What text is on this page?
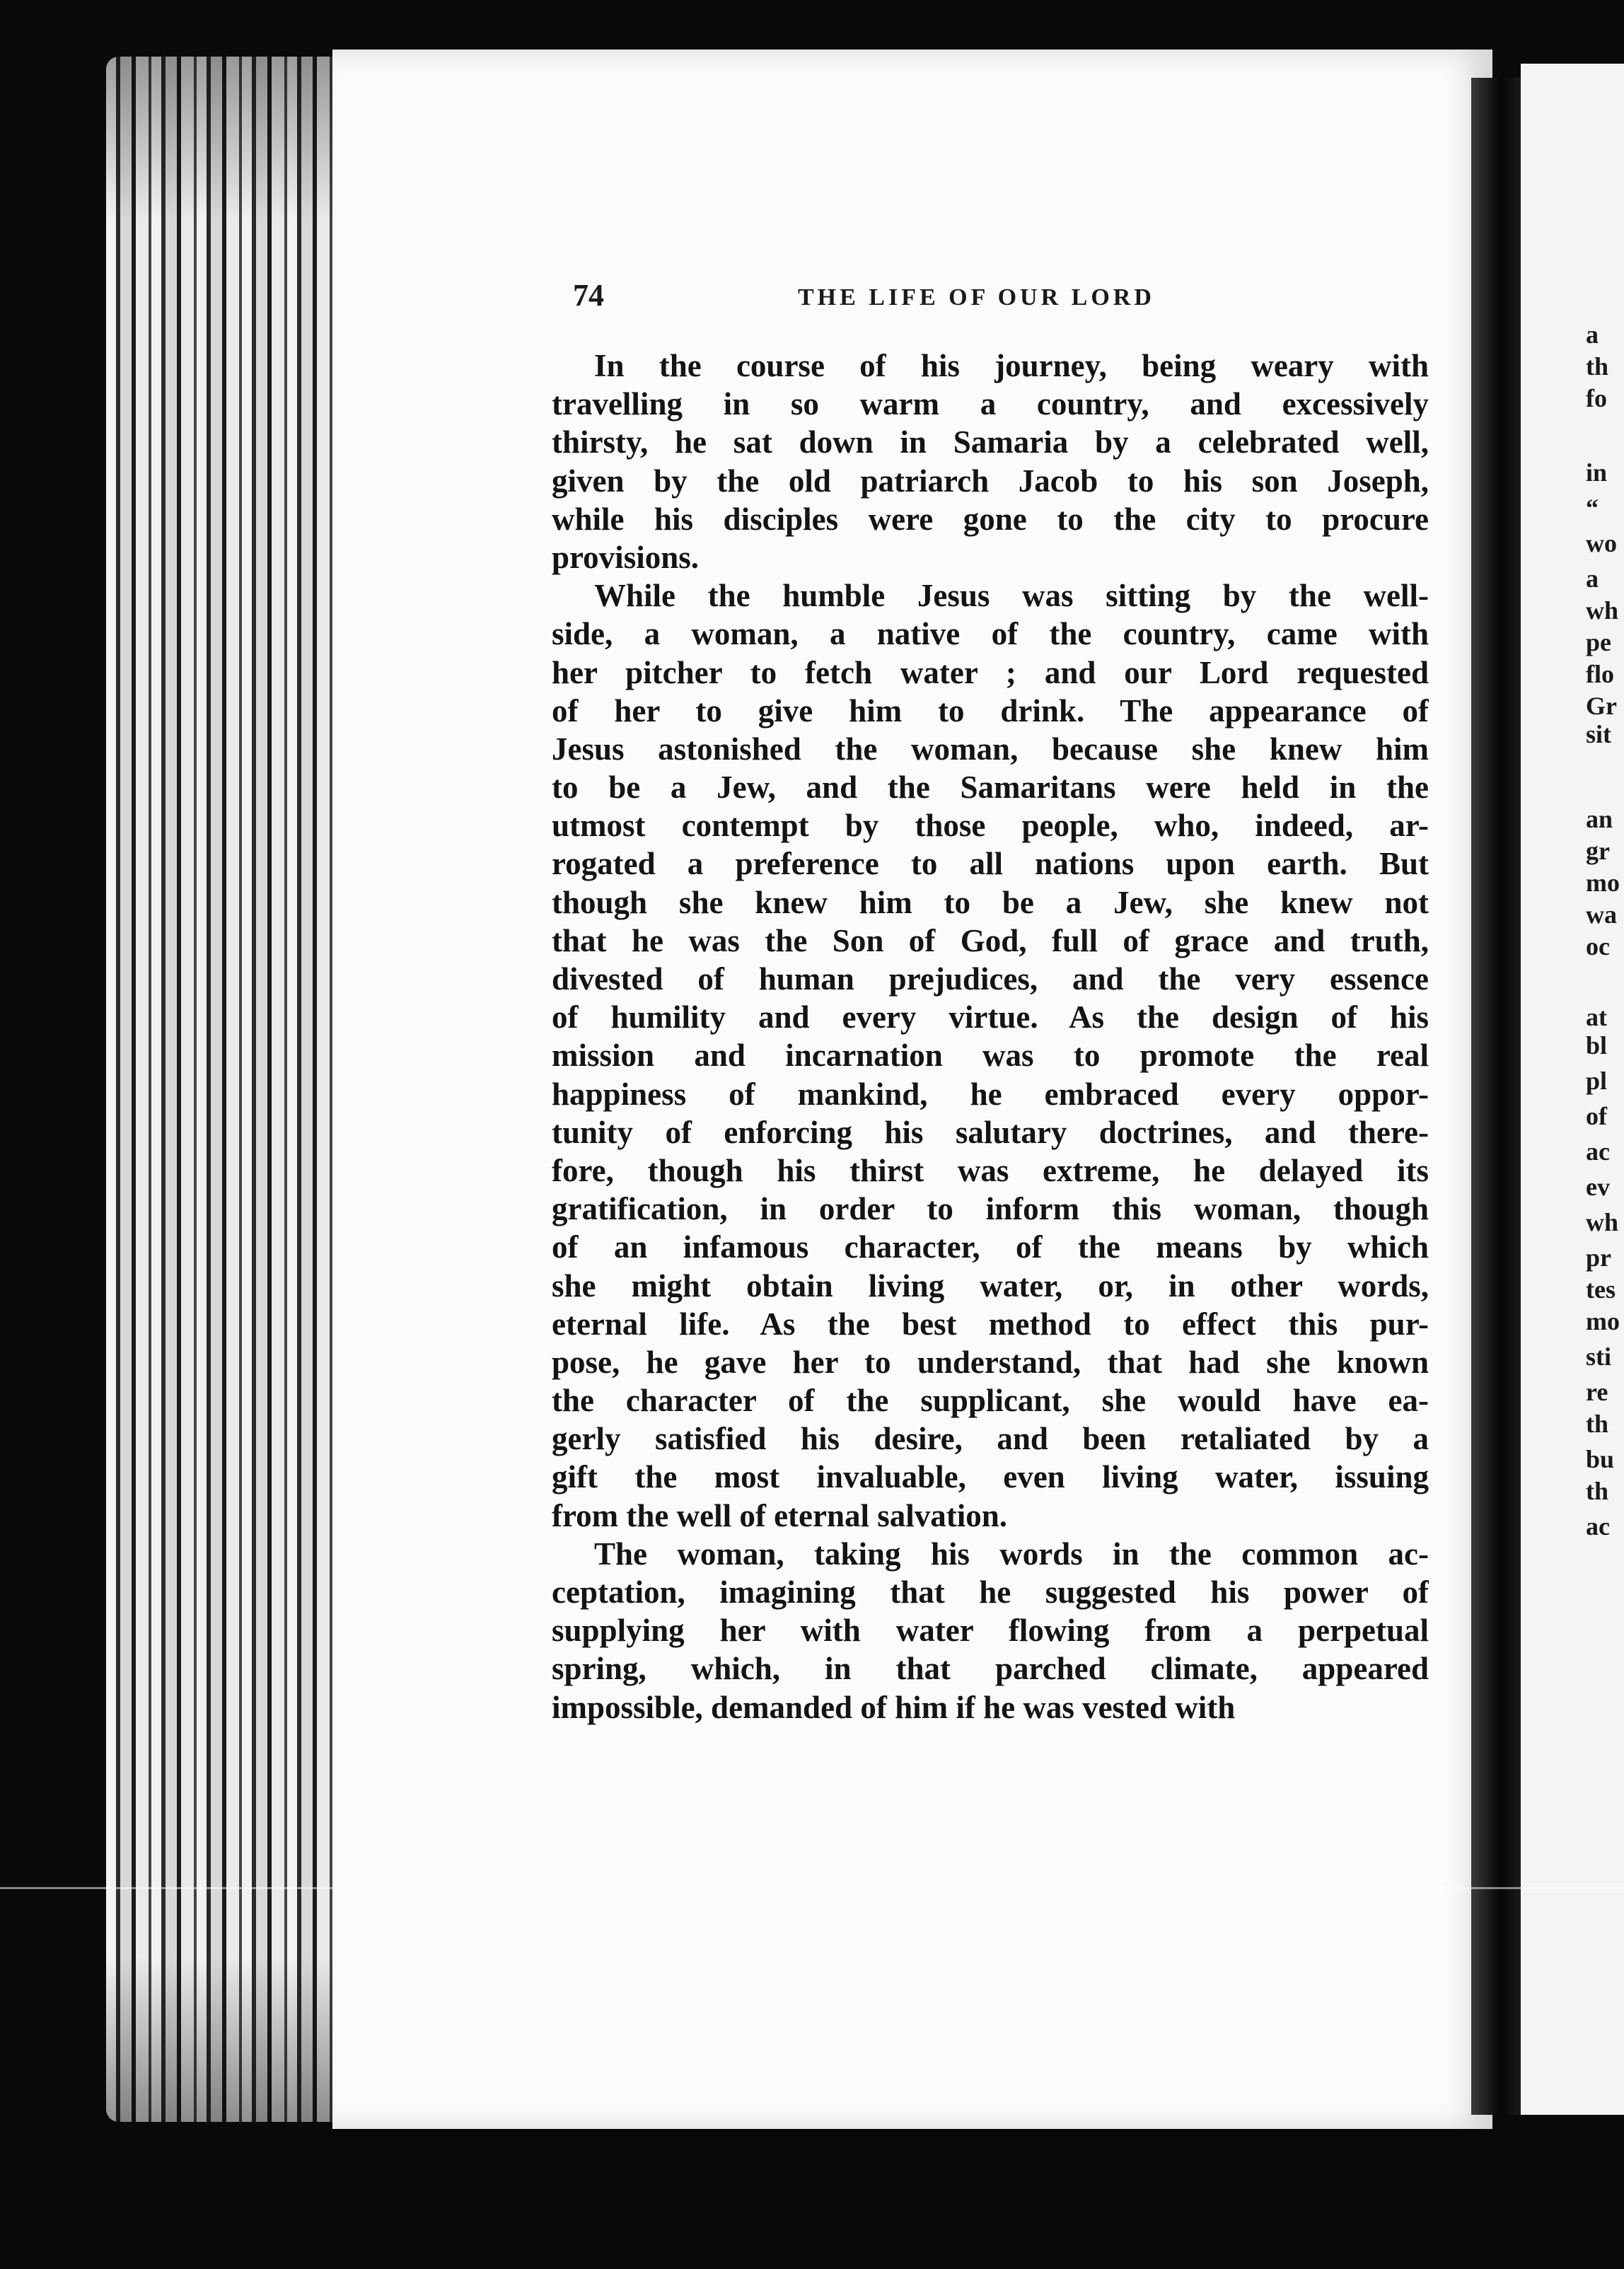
a
th
fo
in
“
wo
a
wh
pe
flo
Gr
sit
an
gr
mo
wa
oc
at
bl
pl
of
ac
ev
wh
pr
tes
mo
sti
re
th
bu
th
ac
74	THE LIFE OF OUR LORD
In the course of his journey, being weary with
travelling in so warm a country, and excessively
thirsty, he sat down in Samaria by a celebrated well,
given by the old patriarch Jacob to his son Joseph,
while his disciples were gone to the city to procure
provisions.
While the humble Jesus was sitting by the well-
side, a woman, a native of the country, came with
her pitcher to fetch water ; and our Lord requested
of her to give him to drink. The appearance of
Jesus astonished the woman, because she knew him
to be a Jew, and the Samaritans were held in the
utmost contempt by those people, who, indeed, ar-
rogated a preference to all nations upon earth. But
though she knew him to be a Jew, she knew not
that he was the Son of God, full of grace and truth,
divested of human prejudices, and the very essence
of humility and every virtue. As the design of his
mission and incarnation was to promote the real
happiness of mankind, he embraced every oppor-
tunity of enforcing his salutary doctrines, and there-
fore, though his thirst was extreme, he delayed its
gratification, in order to inform this woman, though
of an infamous character, of the means by which
she might obtain living water, or, in other words,
eternal life. As the best method to effect this pur-
pose, he gave her to understand, that had she known
the character of the supplicant, she would have ea-
gerly satisfied his desire, and been retaliated by a
gift the most invaluable, even living water, issuing
from the well of eternal salvation.
The woman, taking his words in the common ac-
ceptation, imagining that he suggested his power of
supplying her with water flowing from a perpetual
spring, which, in that parched climate, appeared
impossible, demanded of him if he was vested with
